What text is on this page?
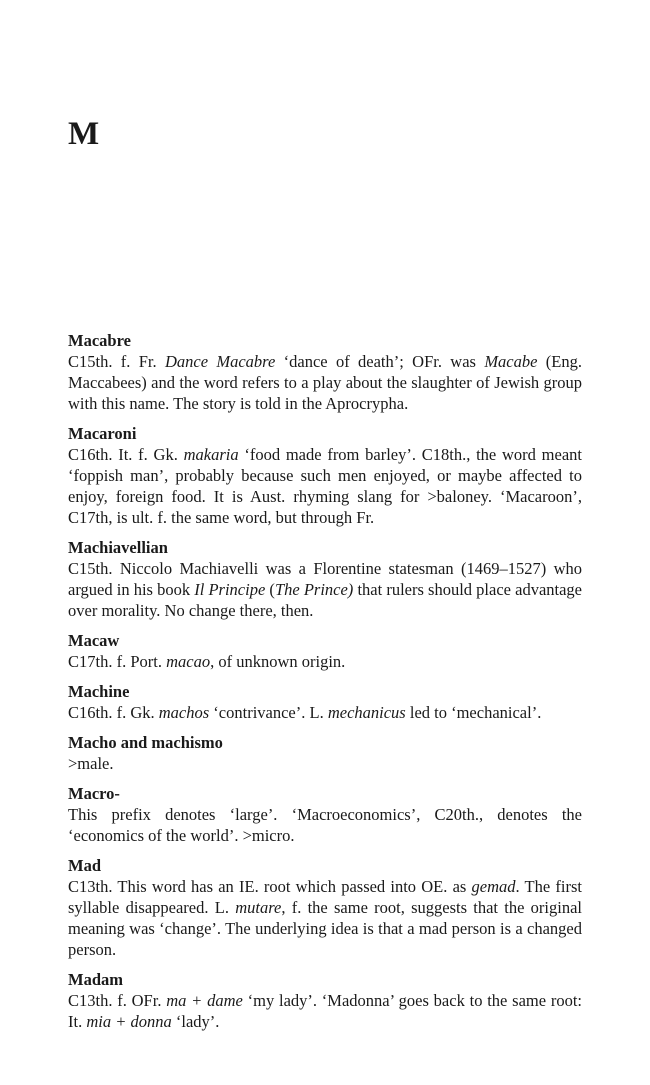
M

Macabre

C15th. f. Fr. Dance Macabre ‘dance of death’; OFr. was Macabe (Eng. Maccabees) and the word refers to a play about the slaughter of Jewish group with this name. The story is told in the Aprocrypha.

Macaroni

C16th. It. f. Gk. makaria ‘food made from barley’. C18th., the word meant ‘foppish man’, probably because such men enjoyed, or maybe affected to enjoy, foreign food. It is Aust. rhyming slang for >baloney. ‘Macaroon’, C17th, is ult. f. the same word, but through Fr.

Machiavellian

C15th. Niccolo Machiavelli was a Florentine statesman (1469–1527) who argued in his book Il Principe (The Prince) that rulers should place advantage over morality. No change there, then.

Macaw

C17th. f. Port. macao, of unknown origin.

Machine

C16th. f. Gk. machos ‘contrivance’. L. mechanicus led to ‘mechanical’.

Macho and machismo

>male.

Macro-

This prefix denotes ‘large’. ‘Macroeconomics’, C20th., denotes the ‘economics of the world’. >micro.

Mad

C13th. This word has an IE. root which passed into OE. as gemad. The first syllable disappeared. L. mutare, f. the same root, suggests that the original meaning was ‘change’. The underlying idea is that a mad person is a changed person.

Madam

C13th. f. OFr. ma + dame ‘my lady’. ‘Madonna’ goes back to the same root: It. mia + donna ‘lady’.
